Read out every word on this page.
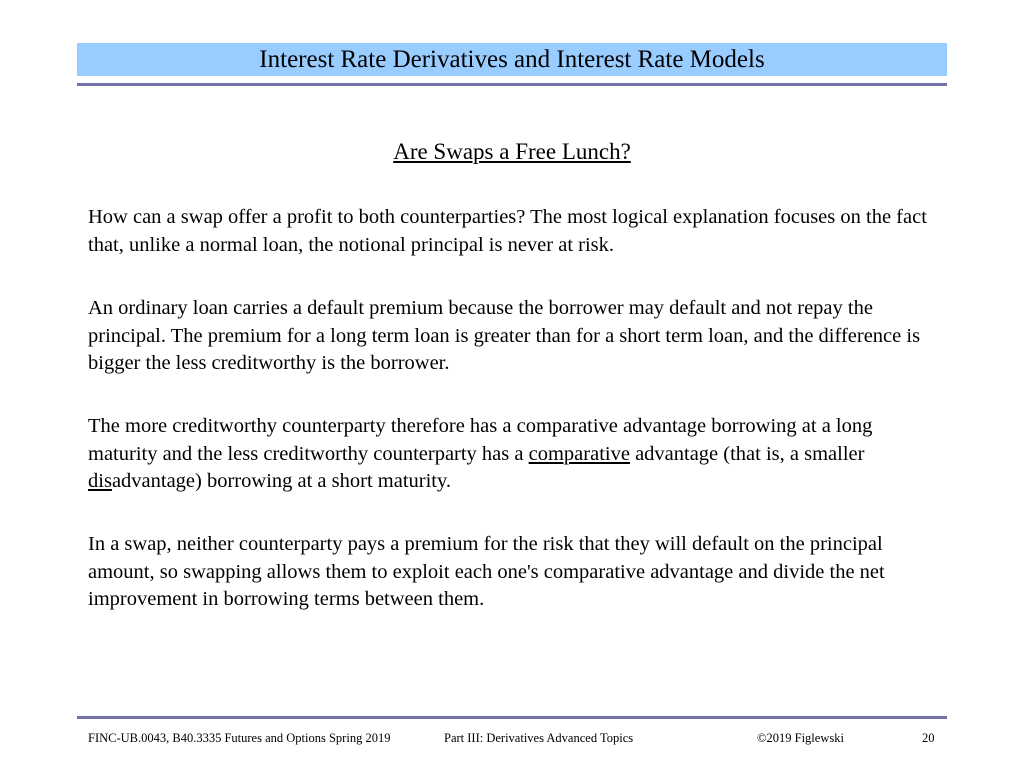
Interest Rate Derivatives and Interest Rate Models
Are Swaps a Free Lunch?

How can a swap offer a profit to both counterparties? The most logical explanation focuses on the fact that, unlike a normal loan, the notional principal is never at risk.

An ordinary loan carries a default premium because the borrower may default and not repay the principal. The premium for a long term loan is greater than for a short term loan, and the difference is bigger the less creditworthy is the borrower.

The more creditworthy counterparty therefore has a comparative advantage borrowing at a long maturity and the less creditworthy counterparty has a comparative advantage (that is, a smaller disadvantage) borrowing at a short maturity.

In a swap, neither counterparty pays a premium for the risk that they will default on the principal amount, so swapping allows them to exploit each one's comparative advantage and divide the net improvement in borrowing terms between them.

FINC-UB.0043, B40.3335 Futures and Options Spring 2019	Part III: Derivatives Advanced Topics	©2019 Figlewski	20
